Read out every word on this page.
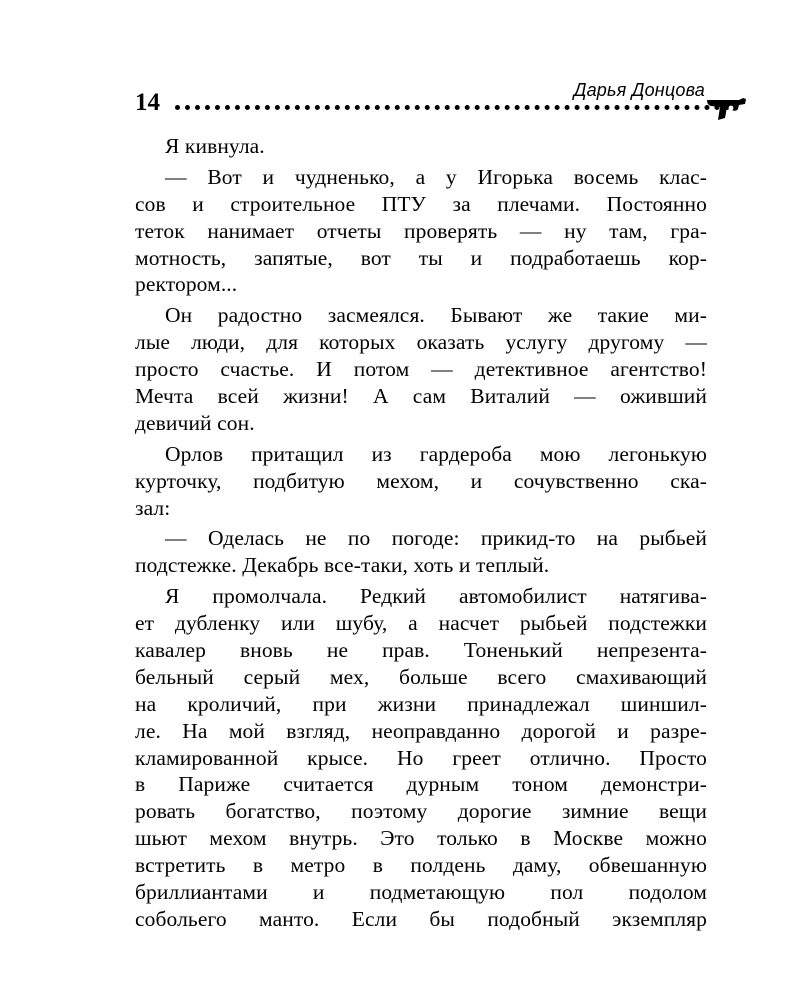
14	Дарья Донцова
Я кивнула.
— Вот и чудненько, а у Игорька восемь клас-
сов и строительное ПТУ за плечами. Постоянно
теток нанимает отчеты проверять — ну там, гра-
мотность, запятые, вот ты и подработаешь кор-
ректором...
Он радостно засмеялся. Бывают же такие ми-
лые люди, для которых оказать услугу другому —
просто счастье. И потом — детективное агентство!
Мечта всей жизни! А сам Виталий — оживший
девичий сон.
Орлов притащил из гардероба мою легонькую
курточку, подбитую мехом, и сочувственно ска-
зал:
— Оделась не по погоде: прикид-то на рыбьей
подстежке. Декабрь все-таки, хоть и теплый.
Я промолчала. Редкий автомобилист натягива-
ет дубленку или шубу, а насчет рыбьей подстежки
кавалер вновь не прав. Тоненький непрезента-
бельный серый мех, больше всего смахивающий
на кроличий, при жизни принадлежал шиншил-
ле. На мой взгляд, неоправданно дорогой и разре-
кламированной крысе. Но греет отлично. Просто
в Париже считается дурным тоном демонстри-
ровать богатство, поэтому дорогие зимние вещи
шьют мехом внутрь. Это только в Москве можно
встретить в метро в полдень даму, обвешанную
бриллиантами и подметающую пол подолом
собольего манто. Если бы подобный экземпляр
